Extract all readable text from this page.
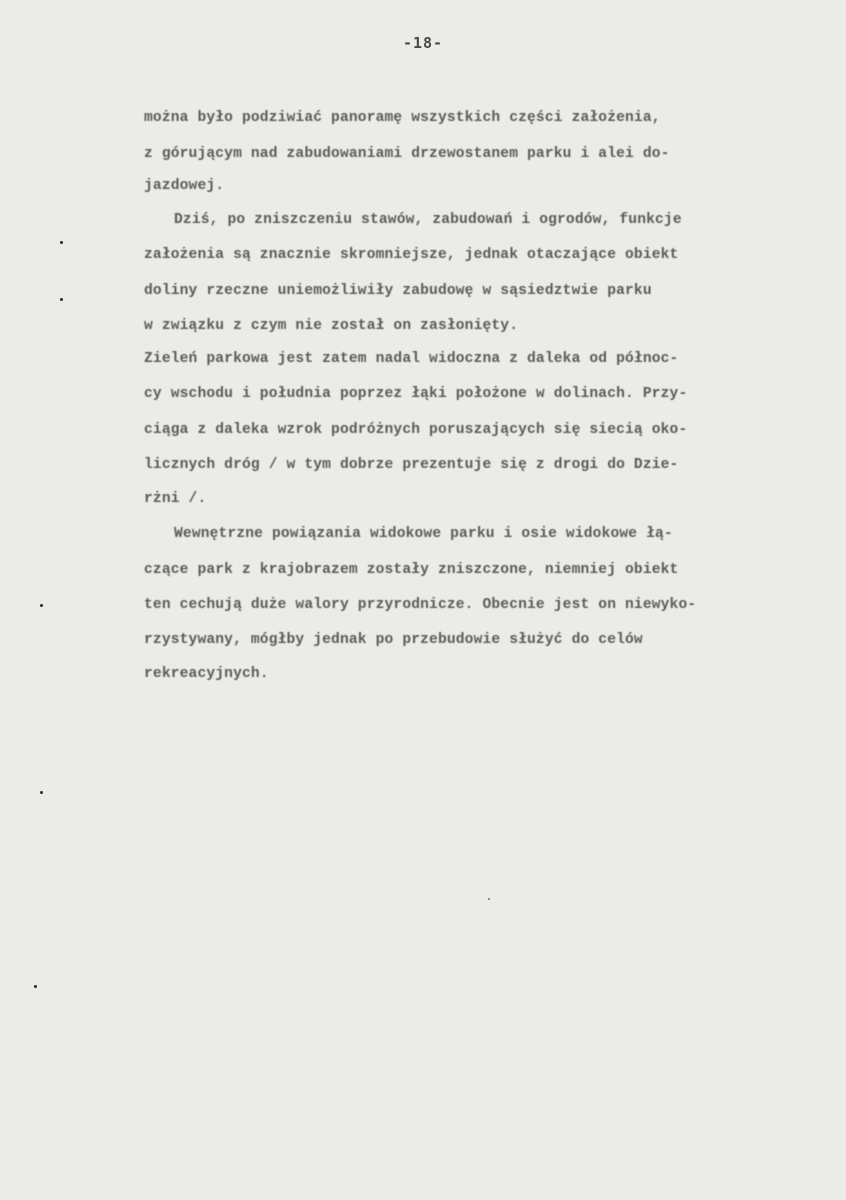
-18-
można było podziwiać panoramę wszystkich części założenia,
z górującym nad zabudowaniami drzewostanem parku i alei do-
jazdowej.
Dziś, po zniszczeniu stawów, zabudowań i ogrodów, funkcje
założenia są znacznie skromniejsze, jednak otaczające obiekt
doliny rzeczne uniemożliwiły zabudowę w sąsiedztwie parku
w związku z czym nie został on zasłonięty.
Zieleń parkowa jest zatem nadal widoczna z daleka od północ-
cy wschodu i południa poprzez łąki położone w dolinach. Przy-
ciąga z daleka wzrok podróżnych poruszających się siecią oko-
licznych dróg / w tym dobrze prezentuje się z drogi do Dzie-
rżni /.
Wewnętrzne powiązania widokowe parku i osie widokowe łą-
czące park z krajobrazem zostały zniszczone, niemniej obiekt
ten cechują duże walory przyrodnicze. Obecnie jest on niewyko-
rzystywany, mógłby jednak po przebudowie służyć do celów
rekreacyjnych.
